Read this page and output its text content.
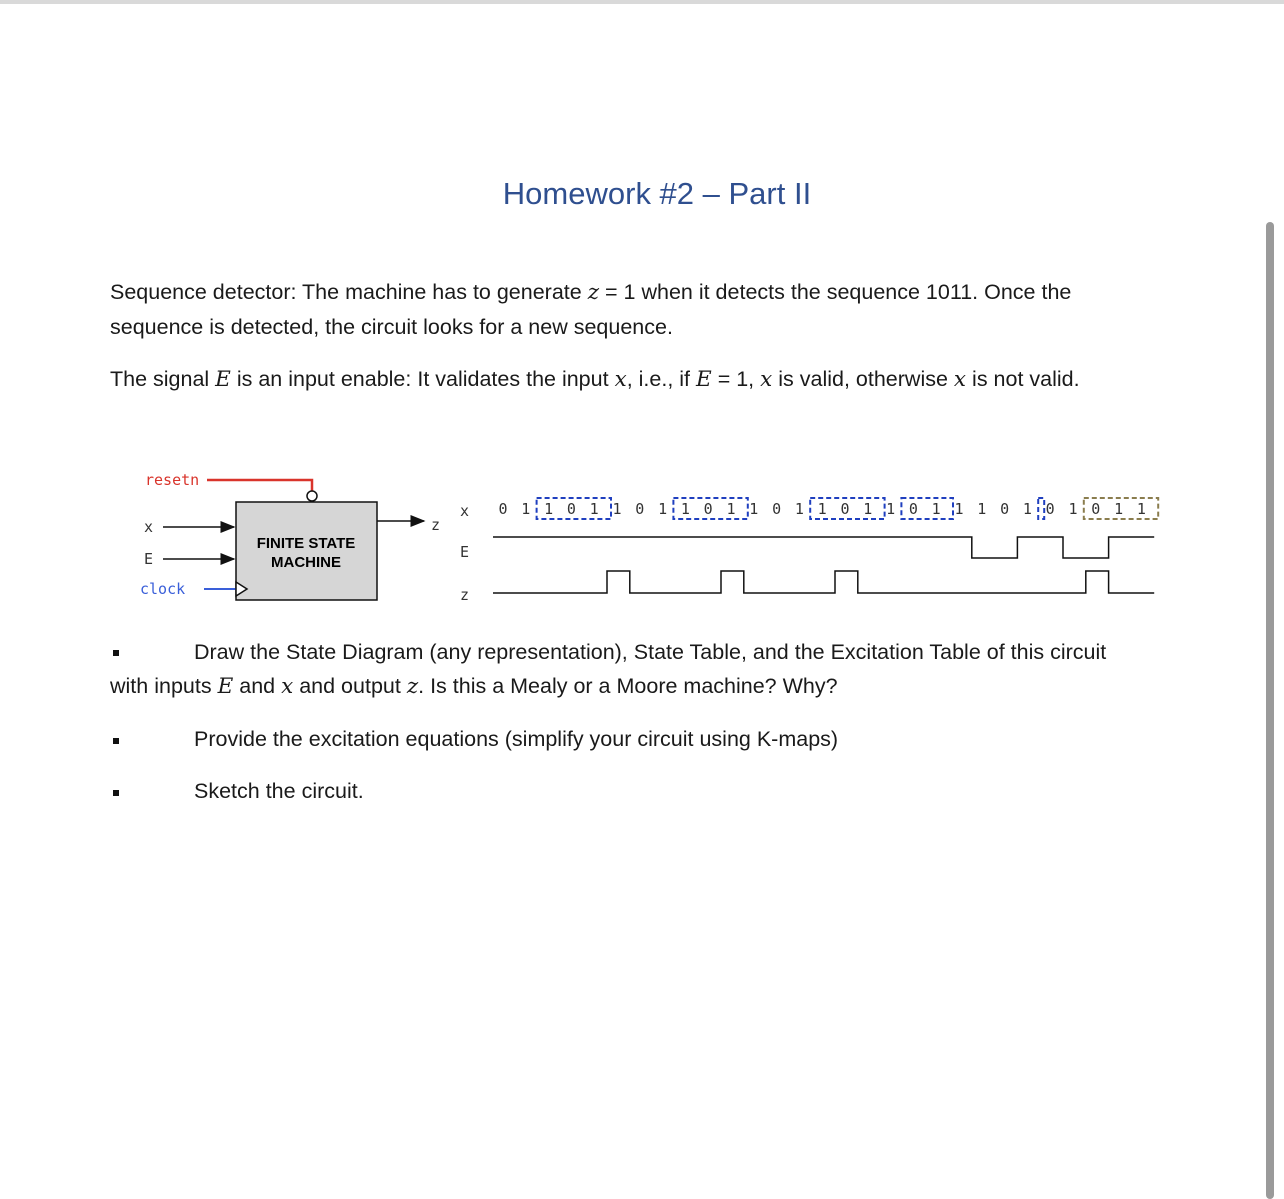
Homework #2 – Part II
Sequence detector: The machine has to generate z = 1 when it detects the sequence 1011. Once the
sequence is detected, the circuit looks for a new sequence.
The signal E is an input enable: It validates the input x, i.e., if E = 1, x is valid, otherwise x is not valid.
resetn
FINITE STATE
MACHINE
x
E
clock
z
x
E
z
0 1 1 0 1 1 0 1 1 0 1 1 0 1 1 0 1 1 0 1 1 1 0 1 0 1 0 1 1
Draw the State Diagram (any representation), State Table, and the Excitation Table of this circuit
with inputs E and x and output z. Is this a Mealy or a Moore machine? Why?
Provide the excitation equations (simplify your circuit using K-maps)
Sketch the circuit.
